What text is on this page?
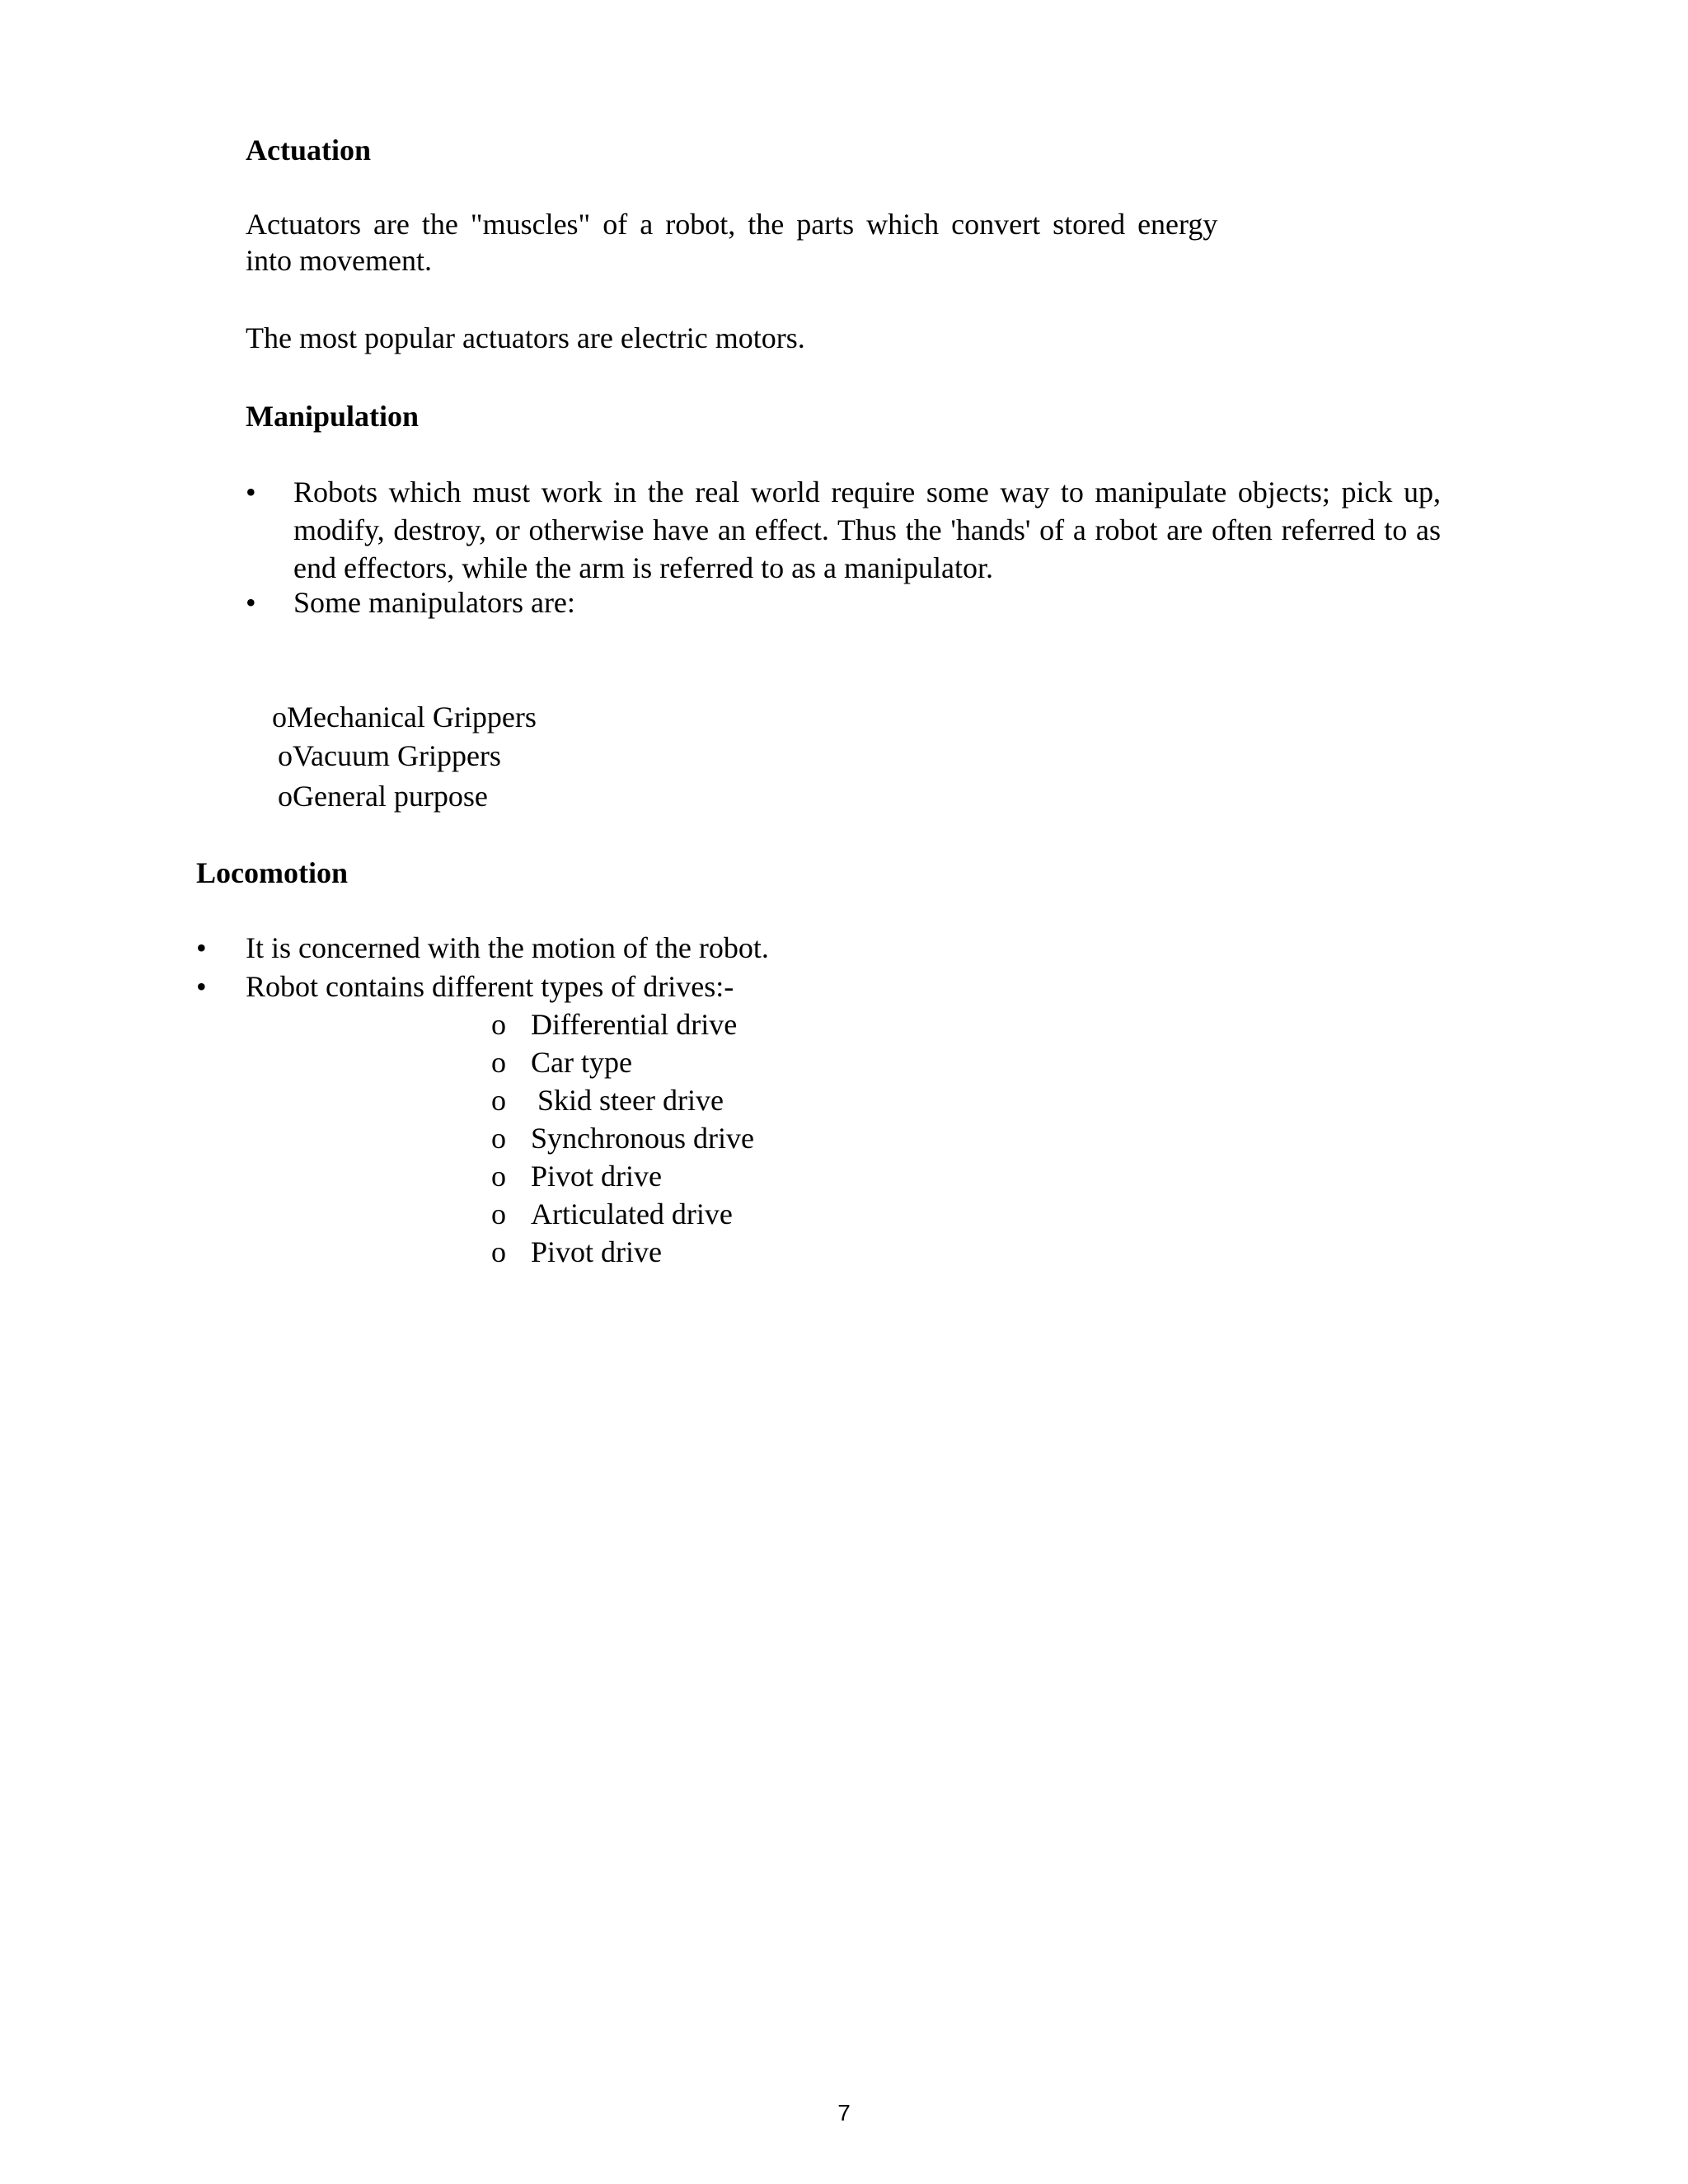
Actuation
Actuators are the "muscles" of a robot, the parts which convert stored energy
into movement.
The most popular actuators are electric motors.
Manipulation
• Robots which must work in the real world require some way to manipulate objects; pick up, modify, destroy, or otherwise have an effect. Thus the 'hands' of a robot are often referred to as end effectors, while the arm is referred to as a manipulator.
• Some manipulators are:
oMechanical Grippers
oVacuum Grippers
oGeneral purpose
Locomotion
• It is concerned with the motion of the robot.
• Robot contains different types of drives:-
o Differential drive
o Car type
o Skid steer drive
o Synchronous drive
o Pivot drive
o Articulated drive
o Pivot drive
7
